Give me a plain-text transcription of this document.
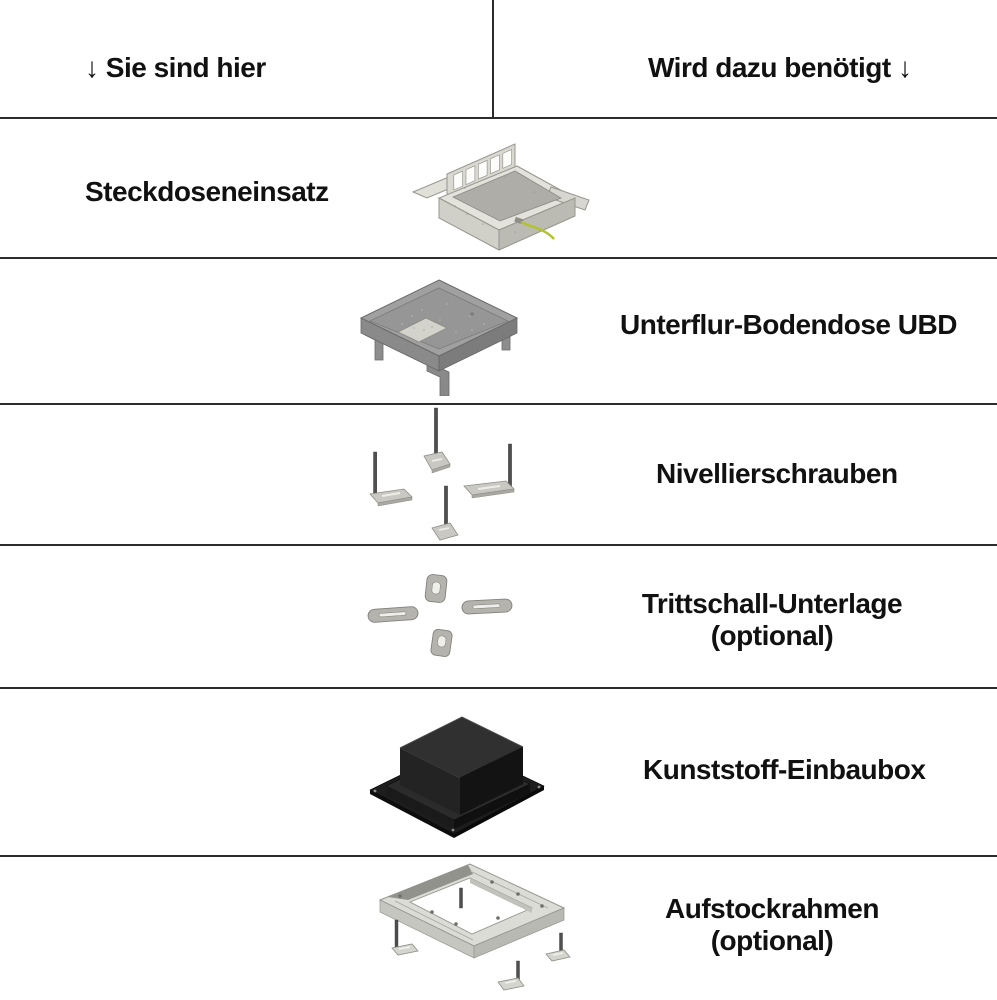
↓ Sie sind hier	Wird dazu benötigt ↓
Steckdoseneinsatz
Unterflur-Bodendose UBD
Nivellierschrauben
Trittschall-Unterlage
(optional)
Kunststoff-Einbaubox
Aufstockrahmen
(optional)
